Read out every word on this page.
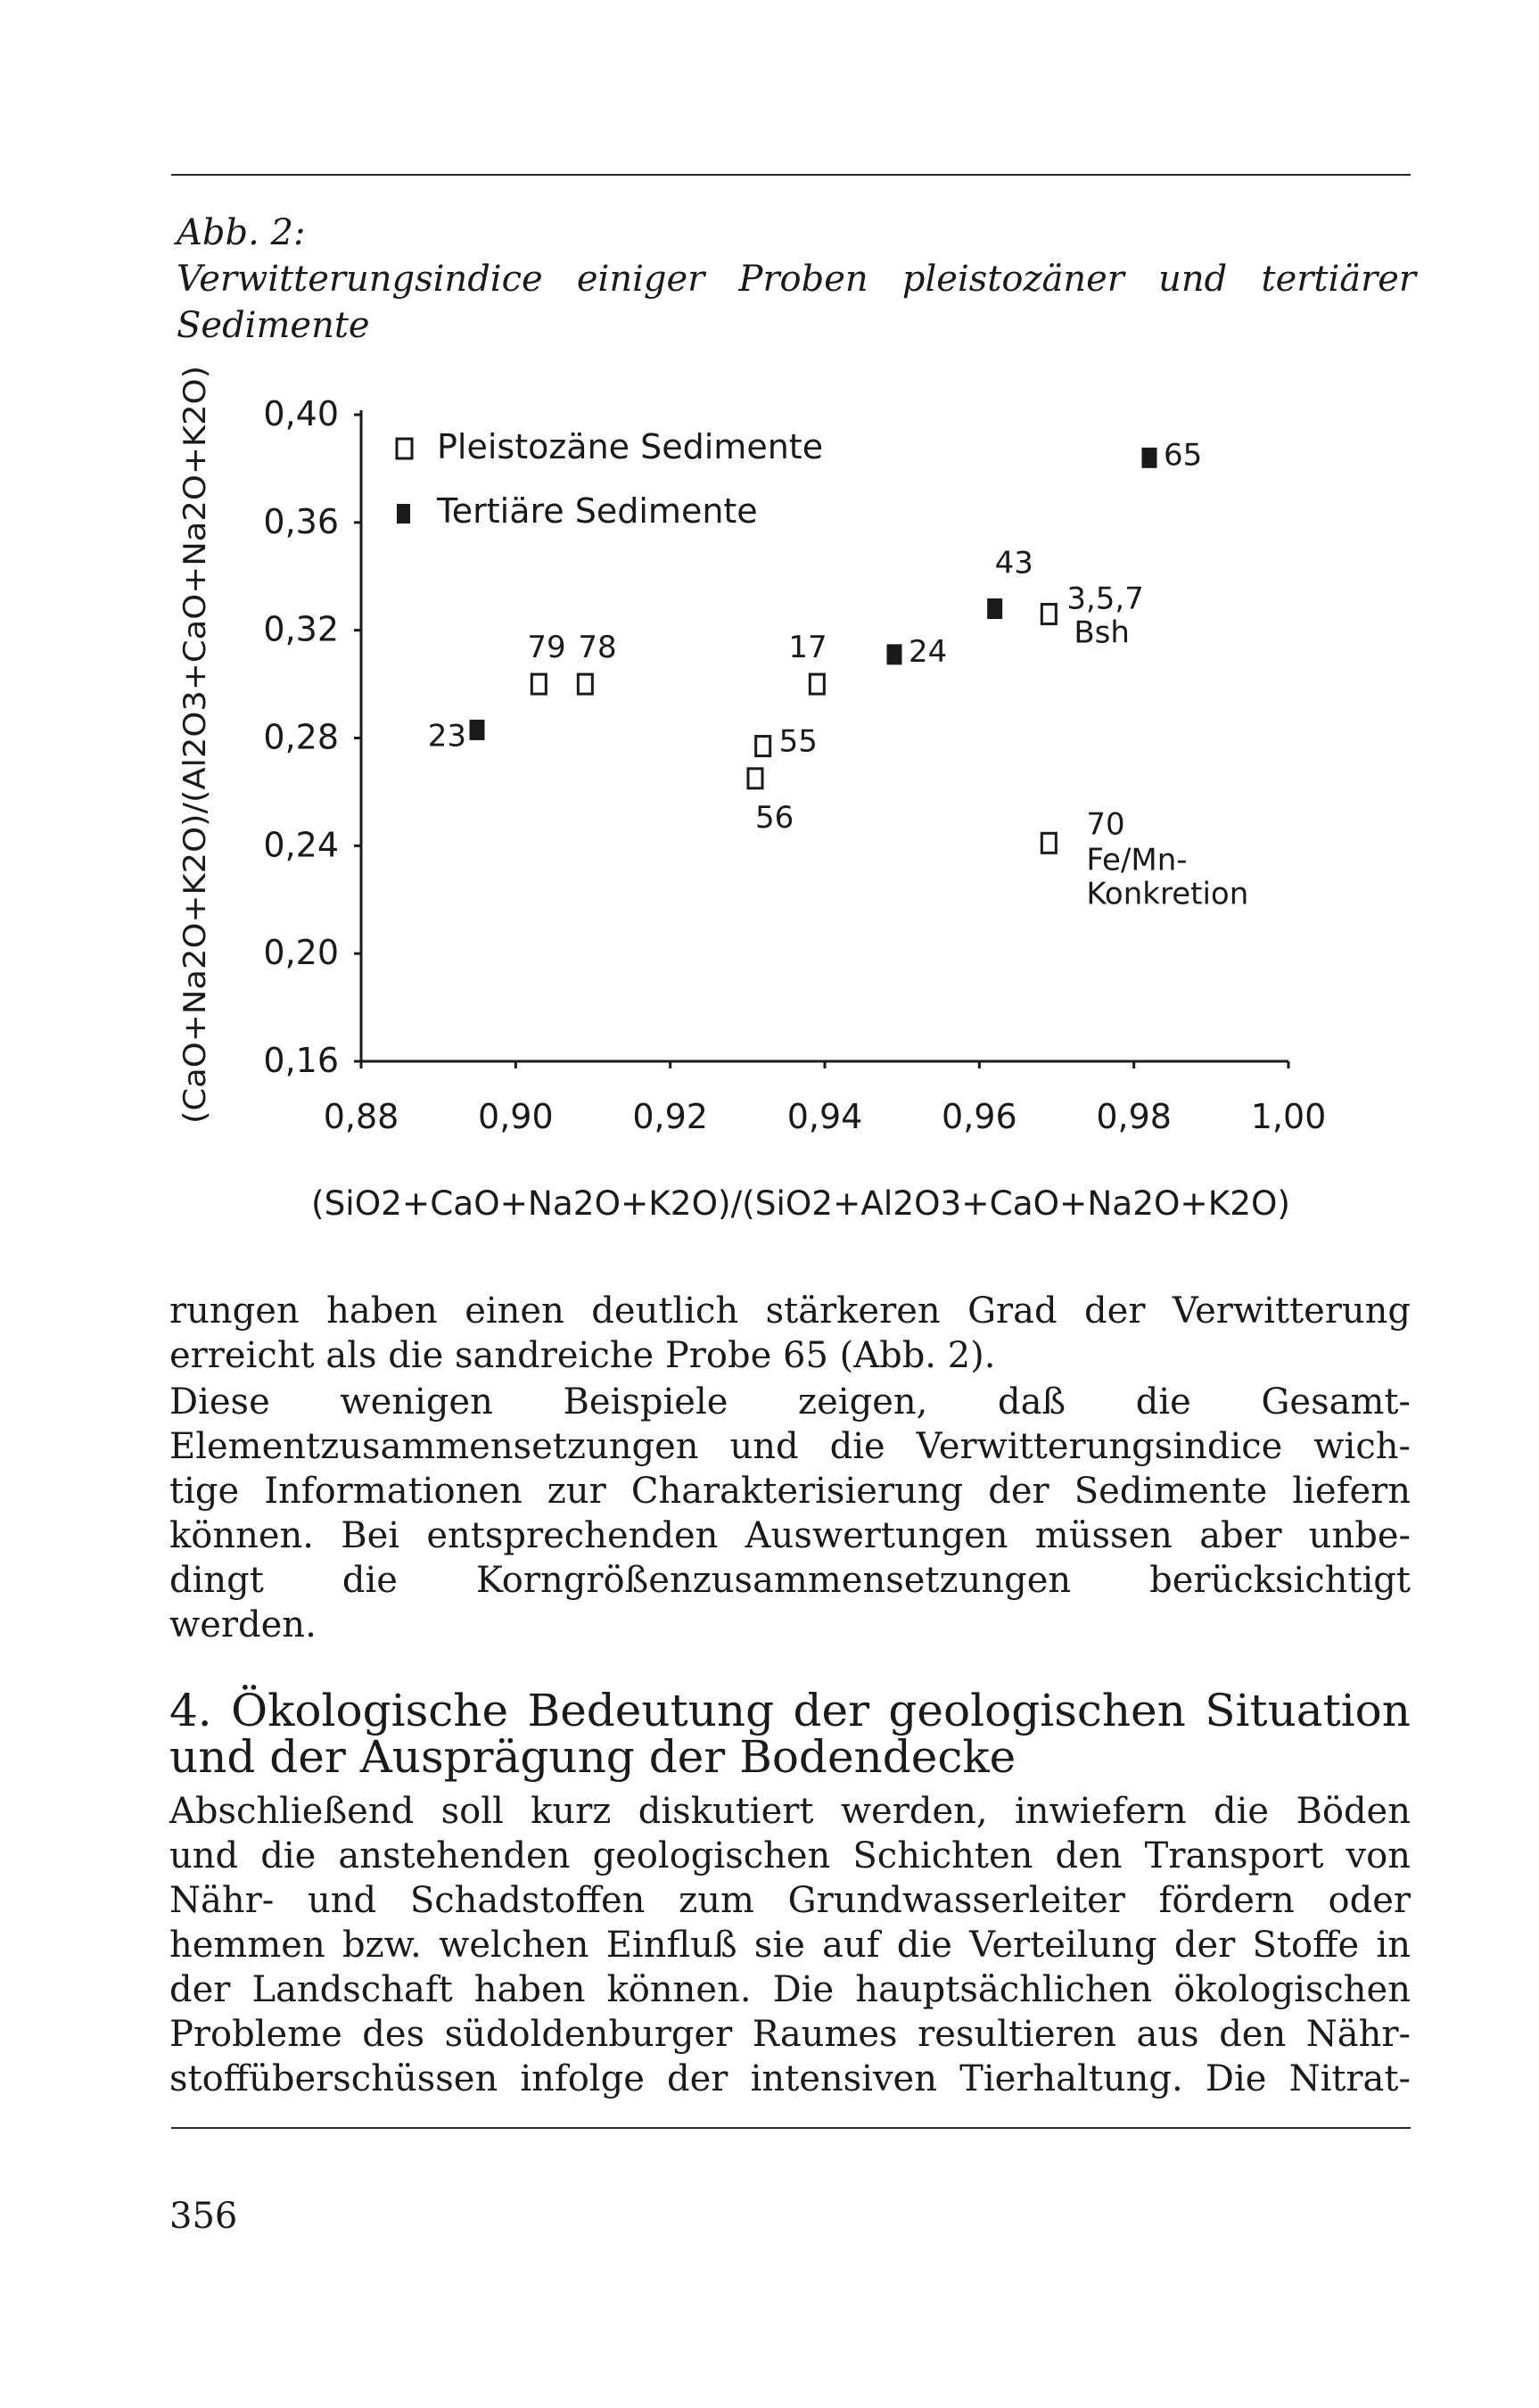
Abb. 2:
Verwitterungsindice einiger Proben pleistozäner und tertiärer
Sedimente
0,40
0,36
0,32
0,28
0,24
0,20
0,16
0,88 0,90 0,92 0,94 0,96 0,98 1,00
79 78	17
55
56
3,5,7
Bsh
70
Fe/Mn-
Konkretion
23
24
43
65
Pleistozäne Sedimente
Tertiäre Sedimente
(SiO2+CaO+Na2O+K2O)/(SiO2+Al2O3+CaO+Na2O+K2O)
(CaO+Na2O+K2O)/(Al2O3+CaO+Na2O+K2O)
rungen haben einen deutlich stärkeren Grad der Verwitterung
erreicht als die sandreiche Probe 65 (Abb. 2).
Diese wenigen Beispiele zeigen, daß die Gesamt-
Elementzusammensetzungen und die Verwitterungsindice wich-
tige Informationen zur Charakterisierung der Sedimente liefern
können. Bei entsprechenden Auswertungen müssen aber unbe-
dingt die Korngrößenzusammensetzungen berücksichtigt
werden.
4. Ökologische Bedeutung der geologischen Situation
und der Ausprägung der Bodendecke
Abschließend soll kurz diskutiert werden, inwiefern die Böden
und die anstehenden geologischen Schichten den Transport von
Nähr- und Schadstoffen zum Grundwasserleiter fördern oder
hemmen bzw. welchen Einfluß sie auf die Verteilung der Stoffe in
der Landschaft haben können. Die hauptsächlichen ökologischen
Probleme des südoldenburger Raumes resultieren aus den Nähr-
stoffüberschüssen infolge der intensiven Tierhaltung. Die Nitrat-
356
